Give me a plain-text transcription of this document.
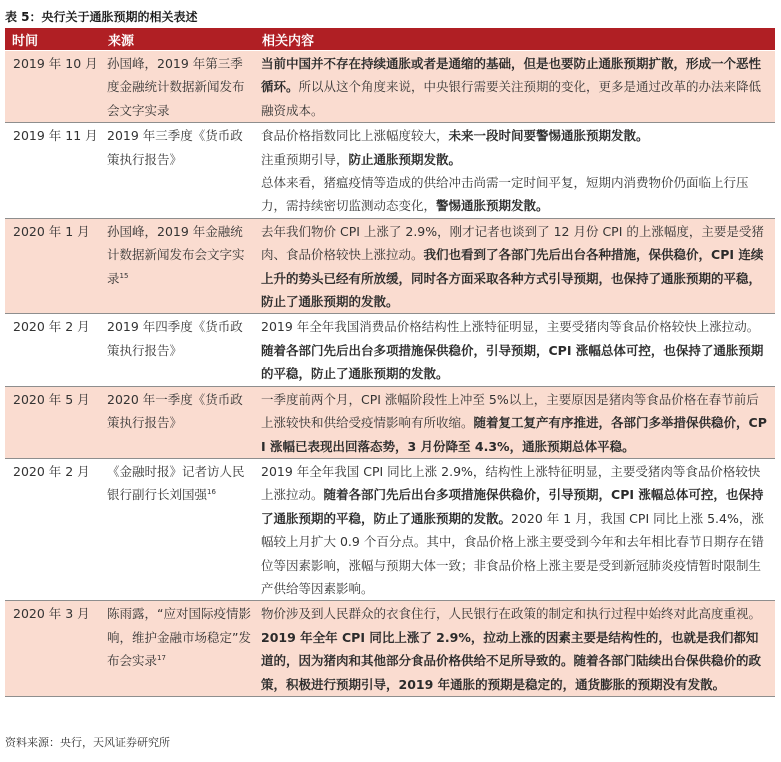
表 5：央行关于通胀预期的相关表述
时间	来源	相关内容
2019 年 10 月	孙国峰，2019 年第三季度金融统计数据新闻发布会文字实录	当前中国并不存在持续通胀或者是通缩的基础，但是也要防止通胀预期扩散，形成一个恶性循环。所以从这个角度来说，中央银行需要关注预期的变化，更多是通过改革的办法来降低融资成本。

2019 年 11 月	2019 年三季度《货币政策执行报告》	食品价格指数同比上涨幅度较大，未来一段时间要警惕通胀预期发散。
注重预期引导，防止通胀预期发散。
总体来看，猪瘟疫情等造成的供给冲击尚需一定时间平复，短期内消费物价仍面临上行压力，需持续密切监测动态变化，警惕通胀预期发散。

2020 年 1 月	孙国峰，2019 年金融统计数据新闻发布会文字实录$^{15}$	去年我们物价 CPI 上涨了 2.9%，刚才记者也谈到了 12 月份 CPI 的上涨幅度，主要是受猪肉、食品价格较快上涨拉动。我们也看到了各部门先后出台各种措施，保供稳价，CPI 连续上升的势头已经有所放缓，同时各方面采取各种方式引导预期，也保持了通胀预期的平稳，防止了通胀预期的发散。

2020 年 2 月	2019 年四季度《货币政策执行报告》	2019 年全年我国消费品价格结构性上涨特征明显，主要受猪肉等食品价格较快上涨拉动。随着各部门先后出台多项措施保供稳价，引导预期，CPI 涨幅总体可控，也保持了通胀预期的平稳，防止了通胀预期的发散。

2020 年 5 月	2020 年一季度《货币政策执行报告》	一季度前两个月，CPI 涨幅阶段性上冲至 5%以上，主要原因是猪肉等食品价格在春节前后上涨较快和供给受疫情影响有所收缩。随着复工复产有序推进，各部门多举措保供稳价，CPI 涨幅已表现出回落态势，3 月份降至 4.3%，通胀预期总体平稳。

2020 年 2 月	《金融时报》记者访人民银行副行长刘国强$^{16}$	2019 年全年我国 CPI 同比上涨 2.9%，结构性上涨特征明显，主要受猪肉等食品价格较快上涨拉动。随着各部门先后出台多项措施保供稳价，引导预期，CPI 涨幅总体可控，也保持了通胀预期的平稳，防止了通胀预期的发散。2020 年 1 月，我国 CPI 同比上涨 5.4%，涨幅较上月扩大 0.9 个百分点。其中，食品价格上涨主要受到今年和去年相比春节日期存在错位等因素影响，涨幅与预期大体一致；非食品价格上涨主要是受到新冠肺炎疫情暂时限制生产供给等因素影响。

2020 年 3 月	陈雨露，“应对国际疫情影响，维护金融市场稳定”发布会实录$^{17}$	物价涉及到人民群众的衣食住行，人民银行在政策的制定和执行过程中始终对此高度重视。2019 年全年 CPI 同比上涨了 2.9%，拉动上涨的因素主要是结构性的，也就是我们都知道的，因为猪肉和其他部分食品价格供给不足所导致的。随着各部门陆续出台保供稳价的政策，积极进行预期引导，2019 年通胀的预期是稳定的，通货膨胀的预期没有发散。
资料来源：央行，天风证券研究所
